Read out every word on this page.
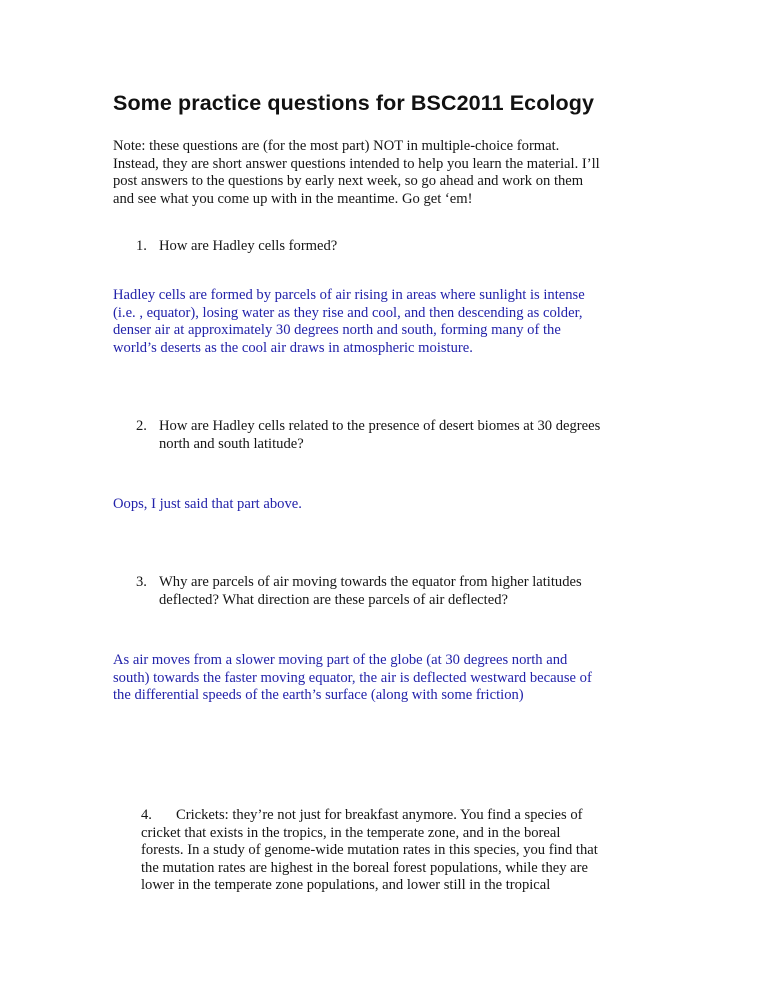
Some practice questions for BSC2011 Ecology
Note: these questions are (for the most part) NOT in multiple-choice format.
Instead, they are short answer questions intended to help you learn the material. I’ll
post answers to the questions by early next week, so go ahead and work on them
and see what you come up with in the meantime. Go get ‘em!
1. How are Hadley cells formed?
Hadley cells are formed by parcels of air rising in areas where sunlight is intense
(i.e. , equator), losing water as they rise and cool, and then descending as colder,
denser air at approximately 30 degrees north and south, forming many of the
world’s deserts as the cool air draws in atmospheric moisture.
2. How are Hadley cells related to the presence of desert biomes at 30 degrees
north and south latitude?
Oops, I just said that part above.
3. Why are parcels of air moving towards the equator from higher latitudes
deflected? What direction are these parcels of air deflected?
As air moves from a slower moving part of the globe (at 30 degrees north and
south) towards the faster moving equator, the air is deflected westward because of
the differential speeds of the earth’s surface (along with some friction)
4. Crickets: they’re not just for breakfast anymore. You find a species of
cricket that exists in the tropics, in the temperate zone, and in the boreal
forests. In a study of genome-wide mutation rates in this species, you find that
the mutation rates are highest in the boreal forest populations, while they are
lower in the temperate zone populations, and lower still in the tropical
